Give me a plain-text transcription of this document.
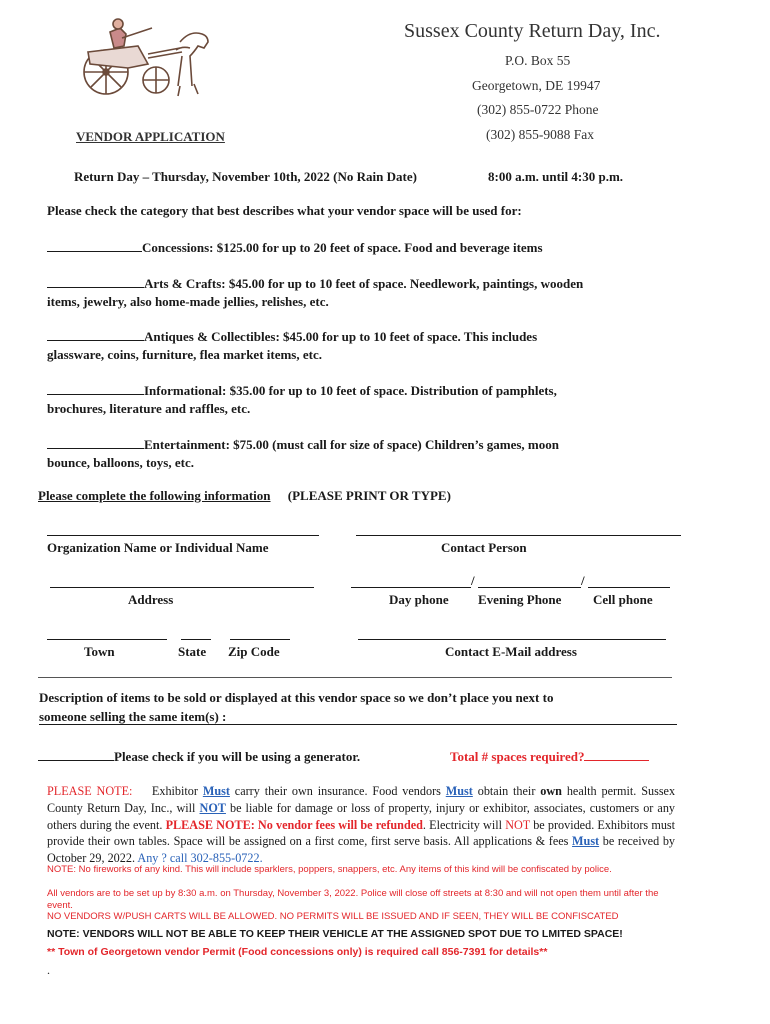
Sussex County Return Day, Inc.
P.O. Box 55
Georgetown, DE 19947
(302) 855-0722 Phone
(302) 855-9088 Fax
VENDOR APPLICATION
Return Day – Thursday, November 10th, 2022 (No Rain Date)	8:00 a.m. until 4:30 p.m.
Please check the category that best describes what your vendor space will be used for:
Concessions: $125.00 for up to 20 feet of space. Food and beverage items
Arts & Crafts: $45.00 for up to 10 feet of space. Needlework, paintings, wooden
items, jewelry, also home-made jellies, relishes, etc.
Antiques & Collectibles: $45.00 for up to 10 feet of space. This includes
glassware, coins, furniture, flea market items, etc.
Informational: $35.00 for up to 10 feet of space. Distribution of pamphlets,
brochures, literature and raffles, etc.
Entertainment: $75.00 (must call for size of space) Children’s games, moon
bounce, balloons, toys, etc.
Please complete the following information (PLEASE PRINT OR TYPE)
Organization Name or Individual Name	Contact Person
/	/
Address	Day phone Evening Phone Cell phone
Town	State Zip Code	Contact E-Mail address
Description of items to be sold or displayed at this vendor space so we don’t place you next to
someone selling the same item(s) :
Please check if you will be using a generator.	Total # spaces required?
PLEASE NOTE: Exhibitor Must carry their own insurance. Food vendors Must obtain their own health permit. Sussex County Return Day, Inc., will NOT be liable for damage or loss of property, injury or exhibitor, associates, customers or any others during the event. PLEASE NOTE: No vendor fees will be refunded. Electricity will NOT be provided. Exhibitors must provide their own tables. Space will be assigned on a first come, first serve basis. All applications & fees Must be received by October 29, 2022. Any ? call 302-855-0722.
NOTE: No fireworks of any kind. This will include sparklers, poppers, snappers, etc. Any items of this kind will be confiscated by police.
All vendors are to be set up by 8:30 a.m. on Thursday, November 3, 2022. Police will close off streets at 8:30 and will not open them until after the event.
NO VENDORS W/PUSH CARTS WILL BE ALLOWED. NO PERMITS WILL BE ISSUED AND IF SEEN, THEY WILL BE CONFISCATED
NOTE: VENDORS WILL NOT BE ABLE TO KEEP THEIR VEHICLE AT THE ASSIGNED SPOT DUE TO LMITED SPACE!
** Town of Georgetown vendor Permit (Food concessions only) is required call 856-7391 for details**
.
